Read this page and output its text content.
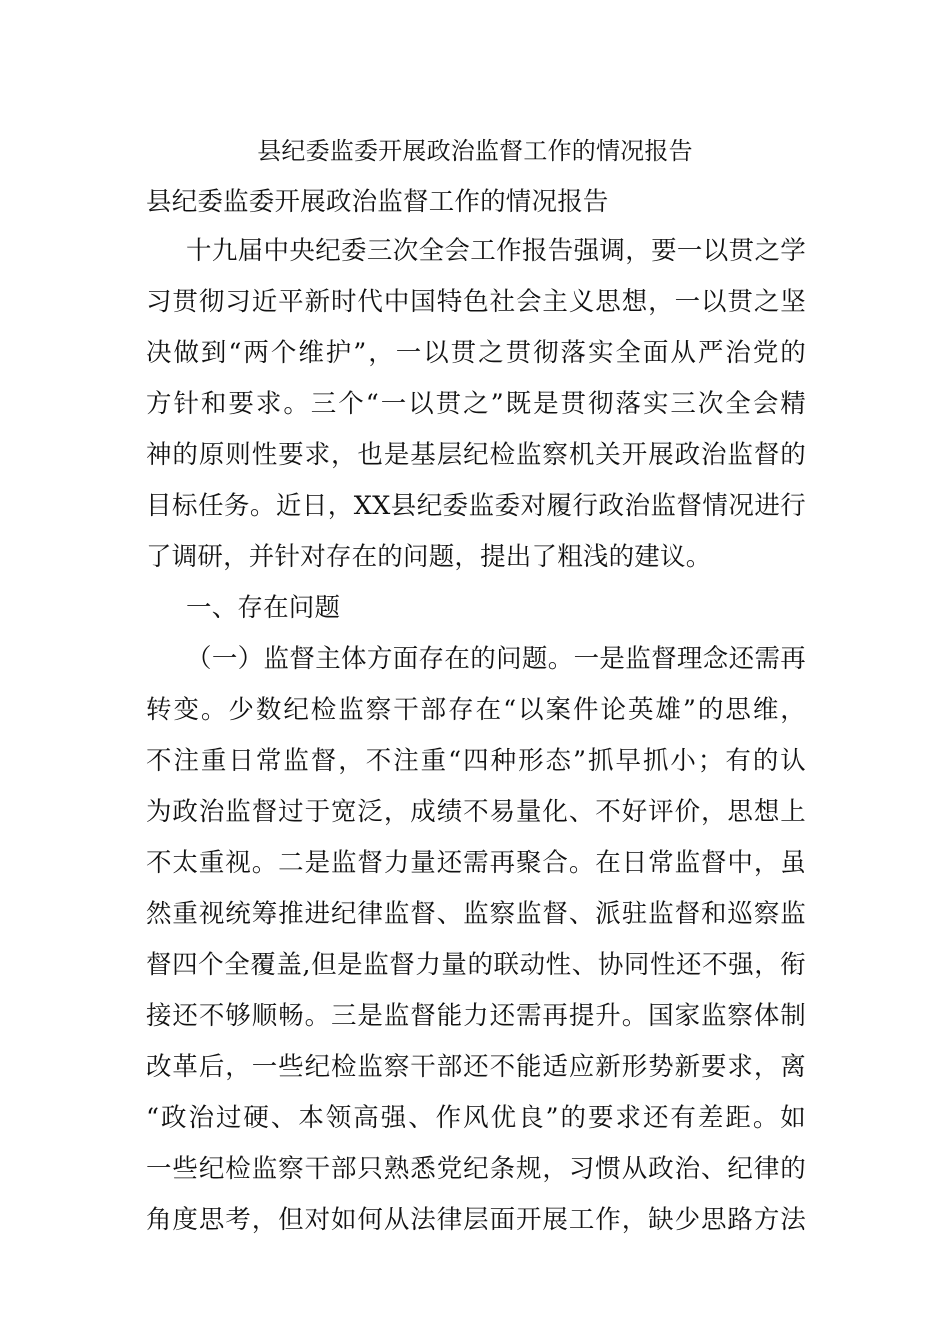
县纪委监委开展政治监督工作的情况报告
县纪委监委开展政治监督工作的情况报告
十九届中央纪委三次全会工作报告强调，要一以贯之学
习贯彻习近平新时代中国特色社会主义思想，一以贯之坚
决做到“两个维护”，一以贯之贯彻落实全面从严治党的
方针和要求。三个“一以贯之”既是贯彻落实三次全会精
神的原则性要求，也是基层纪检监察机关开展政治监督的
目标任务。近日，XX县纪委监委对履行政治监督情况进行
了调研，并针对存在的问题，提出了粗浅的建议。
一、存在问题
（一）监督主体方面存在的问题。一是监督理念还需再
转变。少数纪检监察干部存在“以案件论英雄”的思维，
不注重日常监督，不注重“四种形态”抓早抓小；有的认
为政治监督过于宽泛，成绩不易量化、不好评价，思想上
不太重视。二是监督力量还需再聚合。在日常监督中，虽
然重视统筹推进纪律监督、监察监督、派驻监督和巡察监
督四个全覆盖,但是监督力量的联动性、协同性还不强，衔
接还不够顺畅。三是监督能力还需再提升。国家监察体制
改革后，一些纪检监察干部还不能适应新形势新要求，离
“政治过硬、本领高强、作风优良”的要求还有差距。如
一些纪检监察干部只熟悉党纪条规，习惯从政治、纪律的
角度思考，但对如何从法律层面开展工作，缺少思路方法
